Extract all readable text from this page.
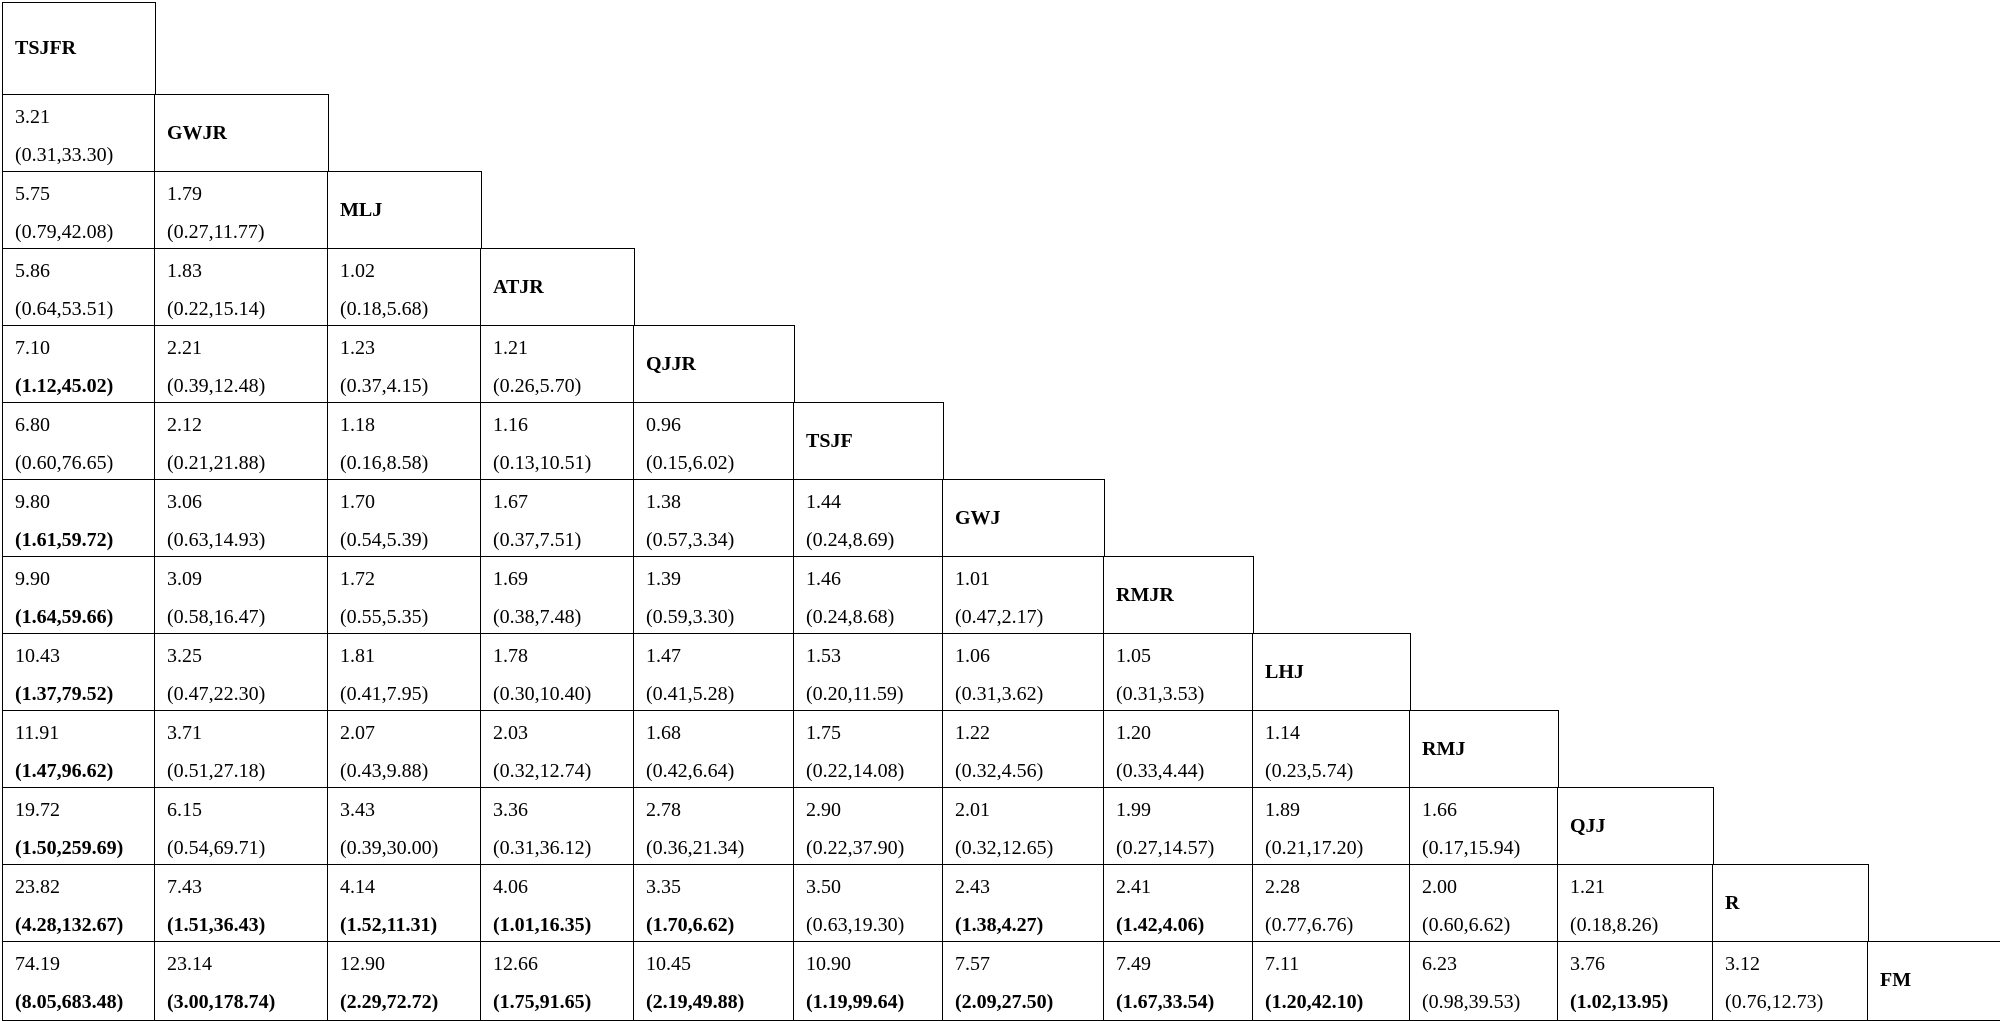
TSJFR
3.21
(0.31,33.30)
GWJR
5.75
(0.79,42.08)
1.79
(0.27,11.77)
MLJ
5.86
(0.64,53.51)
1.83
(0.22,15.14)
1.02
(0.18,5.68)
ATJR
7.10
(1.12,45.02)
2.21
(0.39,12.48)
1.23
(0.37,4.15)
1.21
(0.26,5.70)
QJJR
6.80
(0.60,76.65)
2.12
(0.21,21.88)
1.18
(0.16,8.58)
1.16
(0.13,10.51)
0.96
(0.15,6.02)
TSJF
9.80
(1.61,59.72)
3.06
(0.63,14.93)
1.70
(0.54,5.39)
1.67
(0.37,7.51)
1.38
(0.57,3.34)
1.44
(0.24,8.69)
GWJ
9.90
(1.64,59.66)
3.09
(0.58,16.47)
1.72
(0.55,5.35)
1.69
(0.38,7.48)
1.39
(0.59,3.30)
1.46
(0.24,8.68)
1.01
(0.47,2.17)
RMJR
10.43
(1.37,79.52)
3.25
(0.47,22.30)
1.81
(0.41,7.95)
1.78
(0.30,10.40)
1.47
(0.41,5.28)
1.53
(0.20,11.59)
1.06
(0.31,3.62)
1.05
(0.31,3.53)
LHJ
11.91
(1.47,96.62)
3.71
(0.51,27.18)
2.07
(0.43,9.88)
2.03
(0.32,12.74)
1.68
(0.42,6.64)
1.75
(0.22,14.08)
1.22
(0.32,4.56)
1.20
(0.33,4.44)
1.14
(0.23,5.74)
RMJ
19.72
(1.50,259.69)
6.15
(0.54,69.71)
3.43
(0.39,30.00)
3.36
(0.31,36.12)
2.78
(0.36,21.34)
2.90
(0.22,37.90)
2.01
(0.32,12.65)
1.99
(0.27,14.57)
1.89
(0.21,17.20)
1.66
(0.17,15.94)
QJJ
23.82
(4.28,132.67)
7.43
(1.51,36.43)
4.14
(1.52,11.31)
4.06
(1.01,16.35)
3.35
(1.70,6.62)
3.50
(0.63,19.30)
2.43
(1.38,4.27)
2.41
(1.42,4.06)
2.28
(0.77,6.76)
2.00
(0.60,6.62)
1.21
(0.18,8.26)
R
74.19
(8.05,683.48)
23.14
(3.00,178.74)
12.90
(2.29,72.72)
12.66
(1.75,91.65)
10.45
(2.19,49.88)
10.90
(1.19,99.64)
7.57
(2.09,27.50)
7.49
(1.67,33.54)
7.11
(1.20,42.10)
6.23
(0.98,39.53)
3.76
(1.02,13.95)
3.12
(0.76,12.73)
FM
